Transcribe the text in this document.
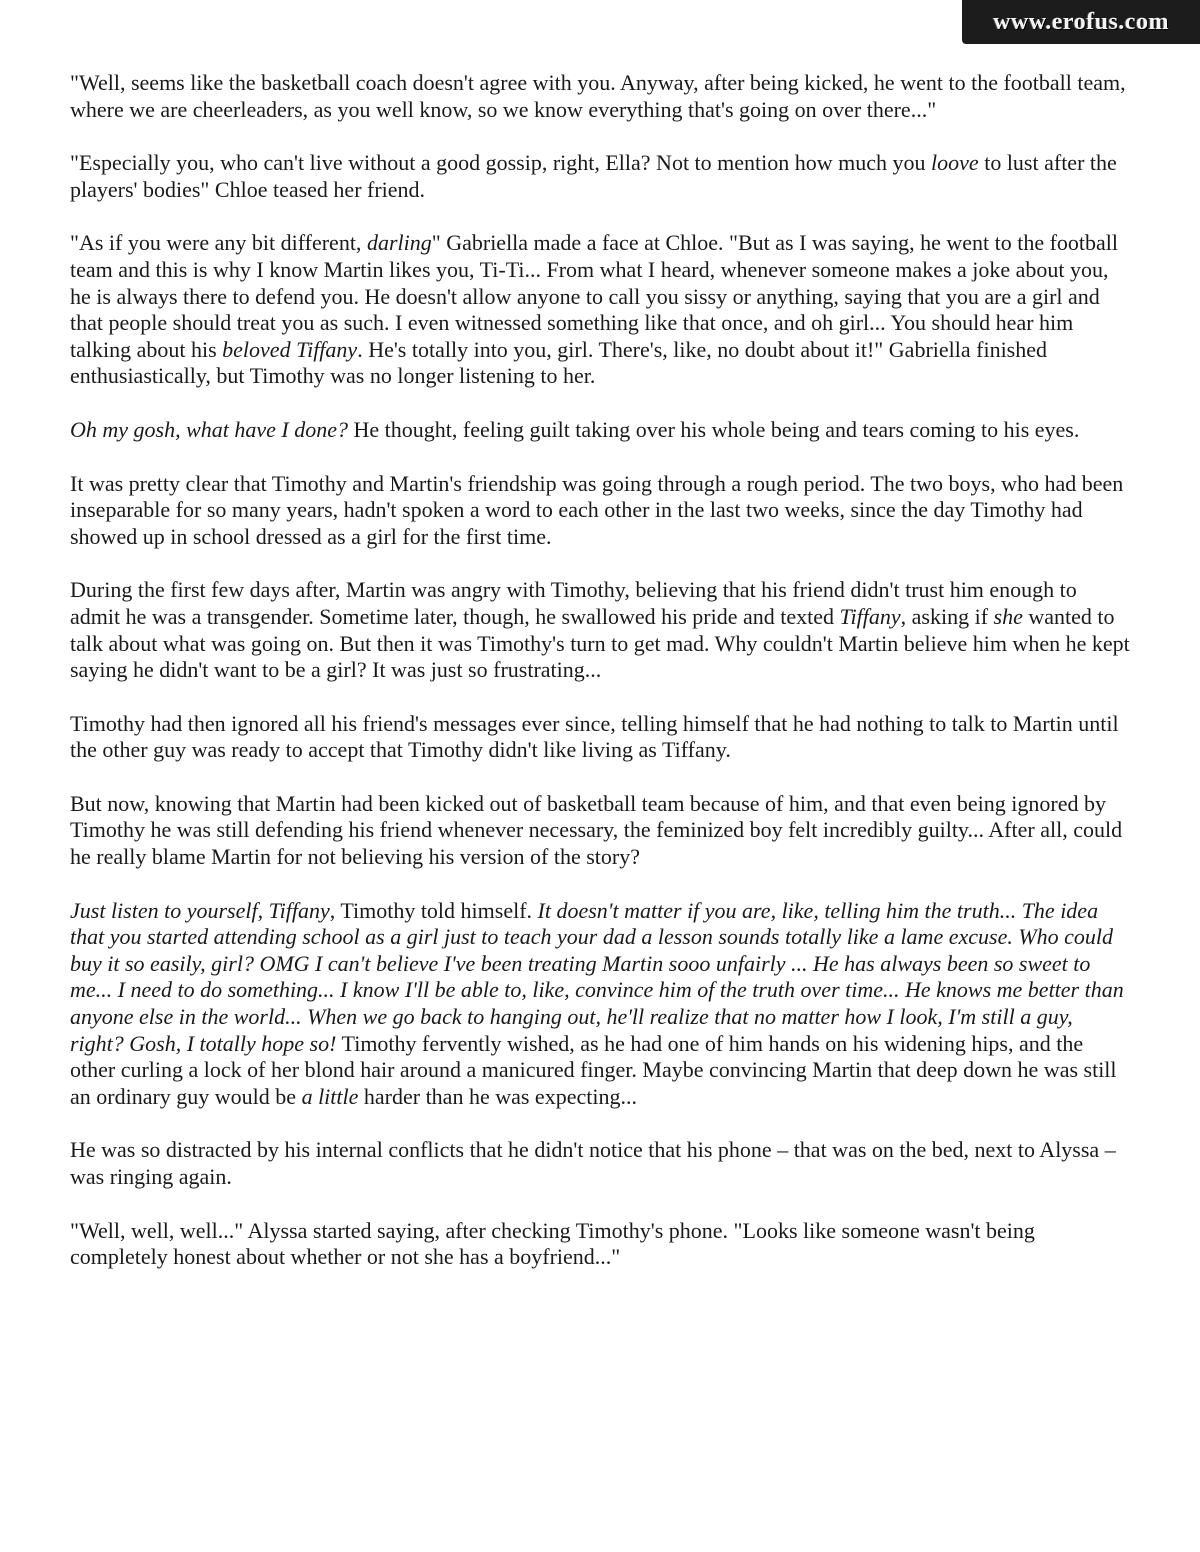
www.erofus.com

"Well, seems like the basketball coach doesn't agree with you. Anyway, after being kicked, he went to the football team, where we are cheerleaders, as you well know, so we know everything that's going on over there..."

"Especially you, who can't live without a good gossip, right, Ella? Not to mention how much you loove to lust after the players' bodies" Chloe teased her friend.

"As if you were any bit different, darling" Gabriella made a face at Chloe. "But as I was saying, he went to the football team and this is why I know Martin likes you, Ti-Ti... From what I heard, whenever someone makes a joke about you, he is always there to defend you. He doesn't allow anyone to call you sissy or anything, saying that you are a girl and that people should treat you as such. I even witnessed something like that once, and oh girl... You should hear him talking about his beloved Tiffany. He's totally into you, girl. There's, like, no doubt about it!" Gabriella finished enthusiastically, but Timothy was no longer listening to her.

Oh my gosh, what have I done? He thought, feeling guilt taking over his whole being and tears coming to his eyes.

It was pretty clear that Timothy and Martin's friendship was going through a rough period. The two boys, who had been inseparable for so many years, hadn't spoken a word to each other in the last two weeks, since the day Timothy had showed up in school dressed as a girl for the first time.

During the first few days after, Martin was angry with Timothy, believing that his friend didn't trust him enough to admit he was a transgender. Sometime later, though, he swallowed his pride and texted Tiffany, asking if she wanted to talk about what was going on. But then it was Timothy's turn to get mad. Why couldn't Martin believe him when he kept saying he didn't want to be a girl? It was just so frustrating...

Timothy had then ignored all his friend's messages ever since, telling himself that he had nothing to talk to Martin until the other guy was ready to accept that Timothy didn't like living as Tiffany.

But now, knowing that Martin had been kicked out of basketball team because of him, and that even being ignored by Timothy he was still defending his friend whenever necessary, the feminized boy felt incredibly guilty... After all, could he really blame Martin for not believing his version of the story?

Just listen to yourself, Tiffany, Timothy told himself. It doesn't matter if you are, like, telling him the truth... The idea that you started attending school as a girl just to teach your dad a lesson sounds totally like a lame excuse. Who could buy it so easily, girl? OMG I can't believe I've been treating Martin sooo unfairly ... He has always been so sweet to me... I need to do something... I know I'll be able to, like, convince him of the truth over time... He knows me better than anyone else in the world... When we go back to hanging out, he'll realize that no matter how I look, I'm still a guy, right? Gosh, I totally hope so! Timothy fervently wished, as he had one of him hands on his widening hips, and the other curling a lock of her blond hair around a manicured finger. Maybe convincing Martin that deep down he was still an ordinary guy would be a little harder than he was expecting...

He was so distracted by his internal conflicts that he didn't notice that his phone – that was on the bed, next to Alyssa – was ringing again.

"Well, well, well..." Alyssa started saying, after checking Timothy's phone. "Looks like someone wasn't being completely honest about whether or not she has a boyfriend..."
